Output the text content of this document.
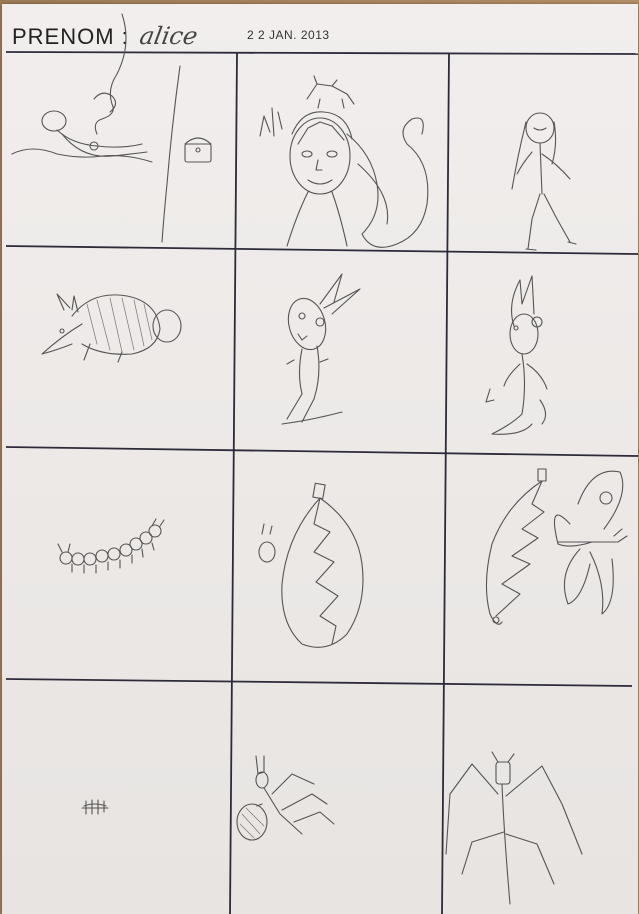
PRENOM : alice	2 2 JAN. 2013
